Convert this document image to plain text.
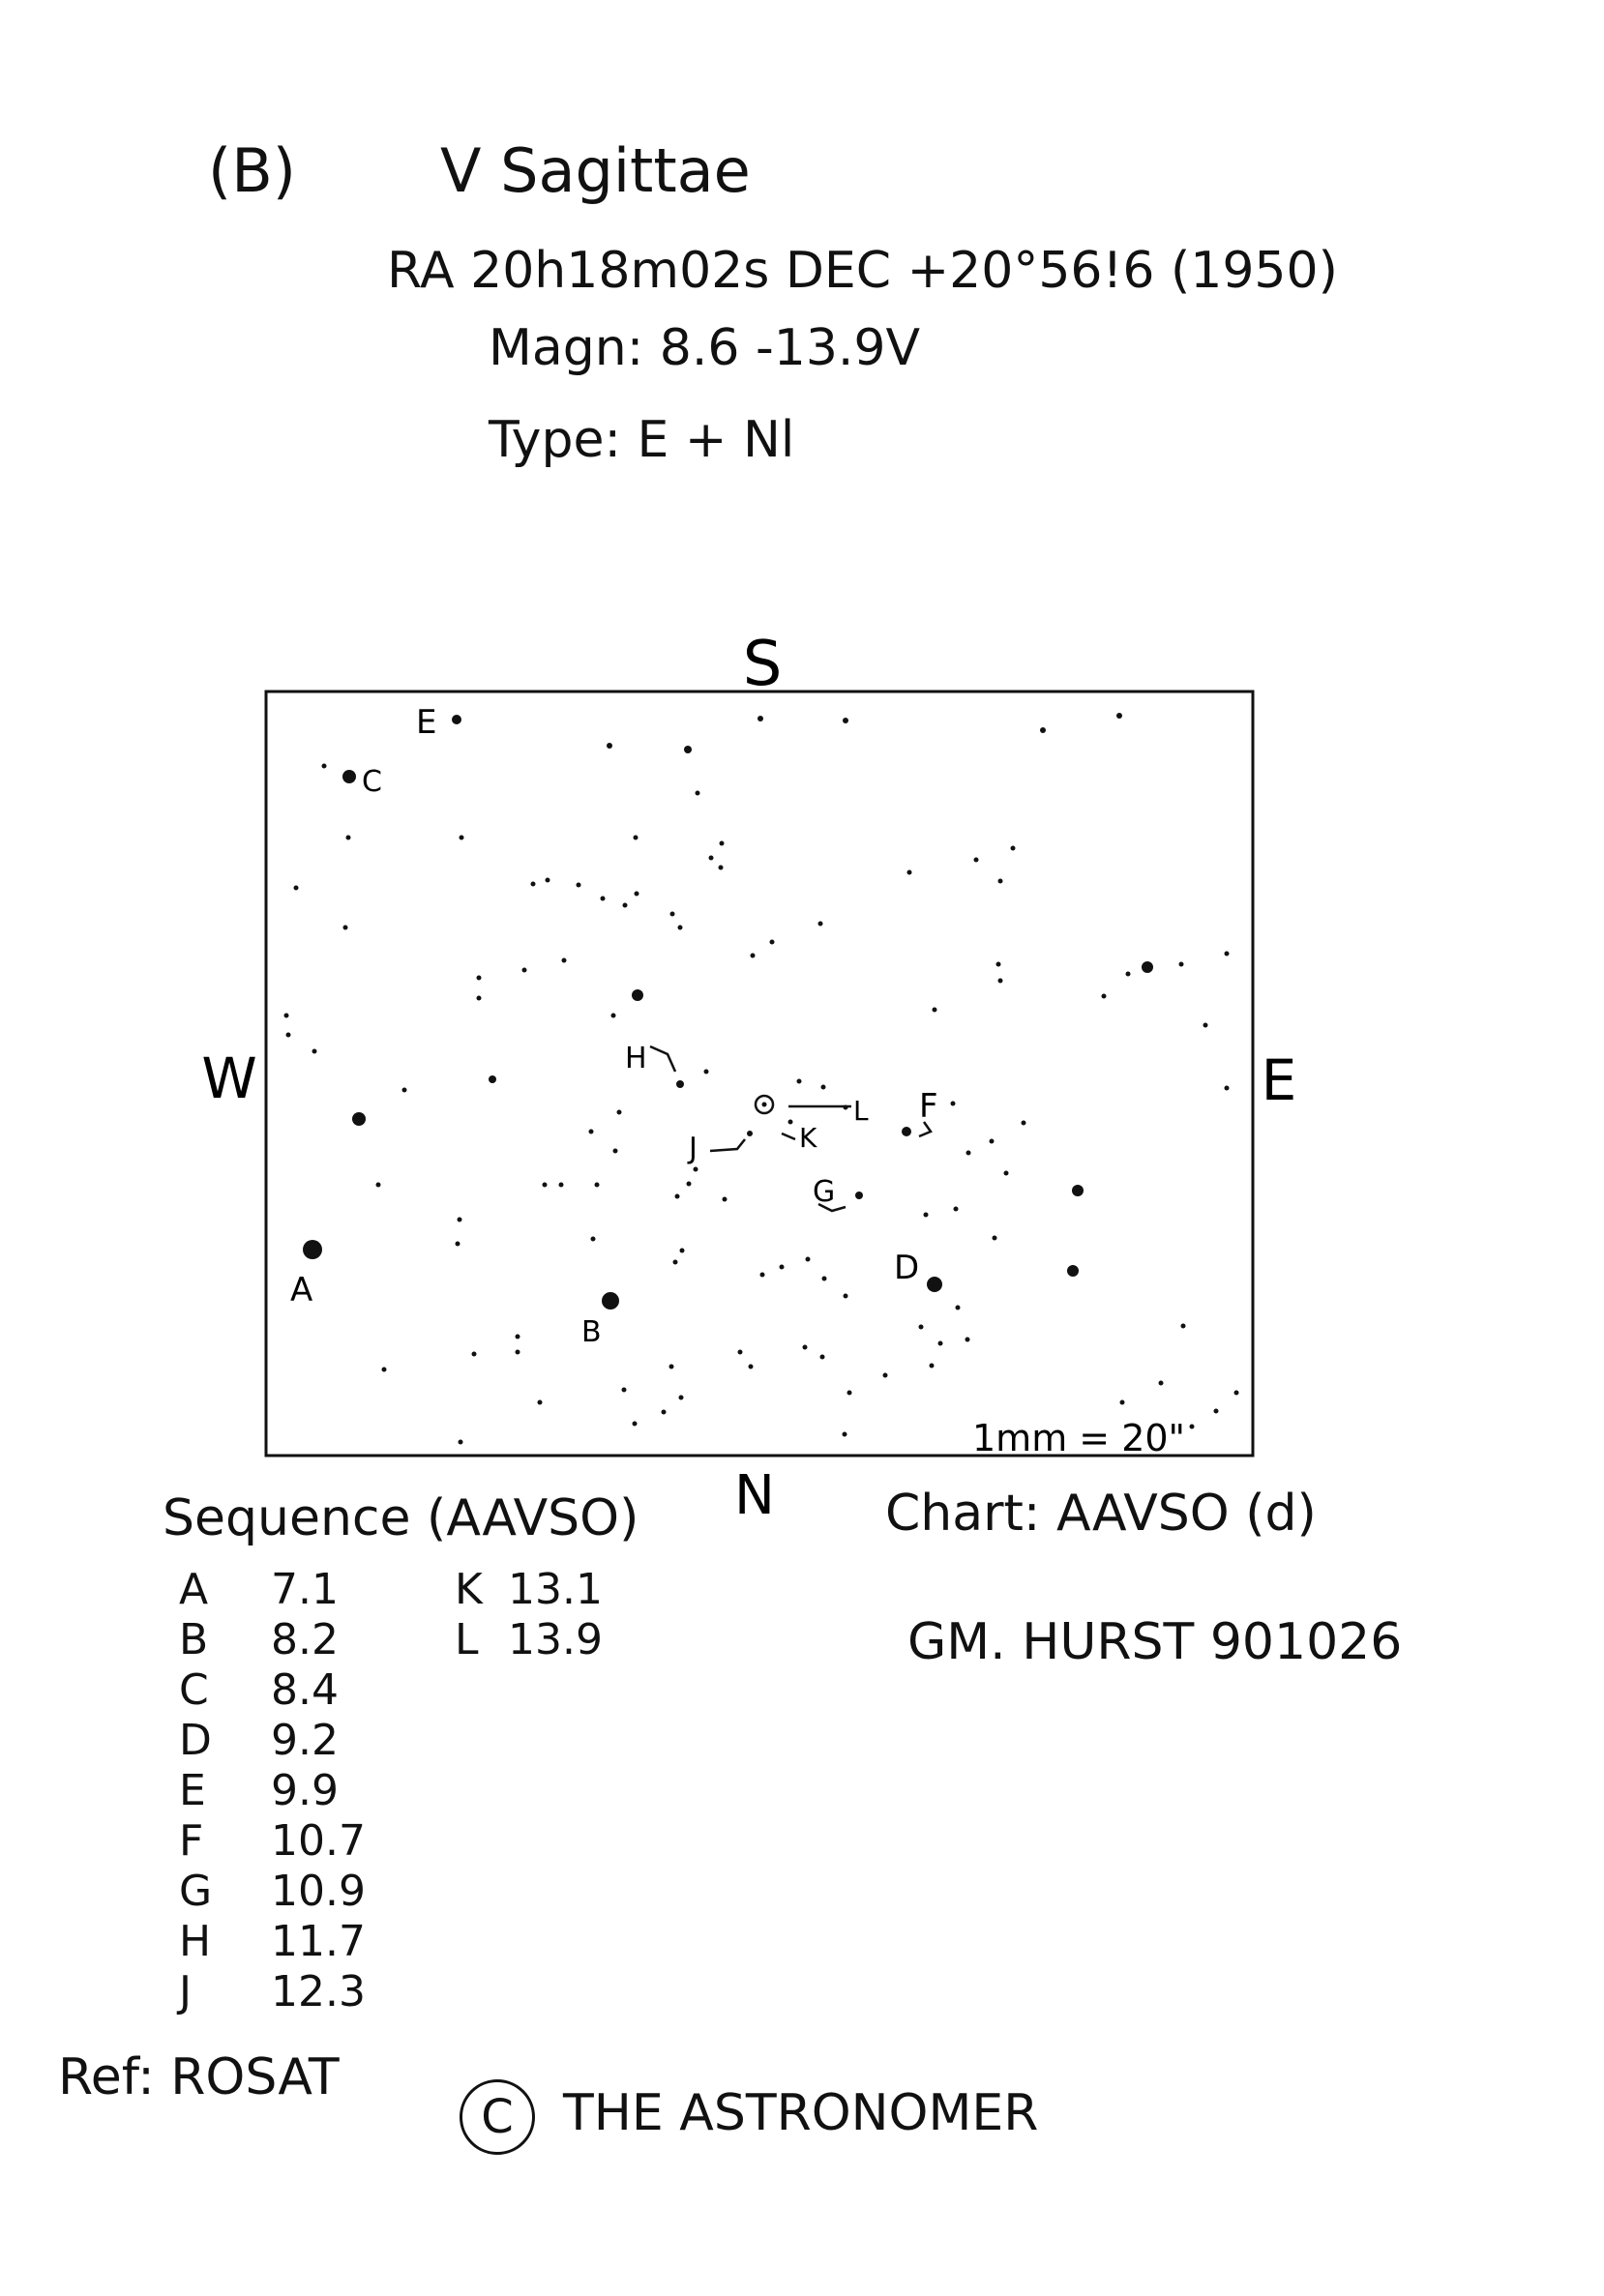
(B) V Sagittae
RA 20h18m02s DEC +20°56!6 (1950)
Magn: 8.6 -13.9V
Type: E + Nl
S
N
W	E
1mm = 20"
A
B
C
D
E
F
G
H
J	K
L
Sequence (AAVSO)
A 7.1
B 8.2
C 8.4
D 9.2
E 9.9
F 10.7
G 10.9
H 11.7
J 12.3
K 13.1
L 13.9
Chart: AAVSO (d)
GM. HURST 901026
Ref: ROSAT
C THE ASTRONOMER
